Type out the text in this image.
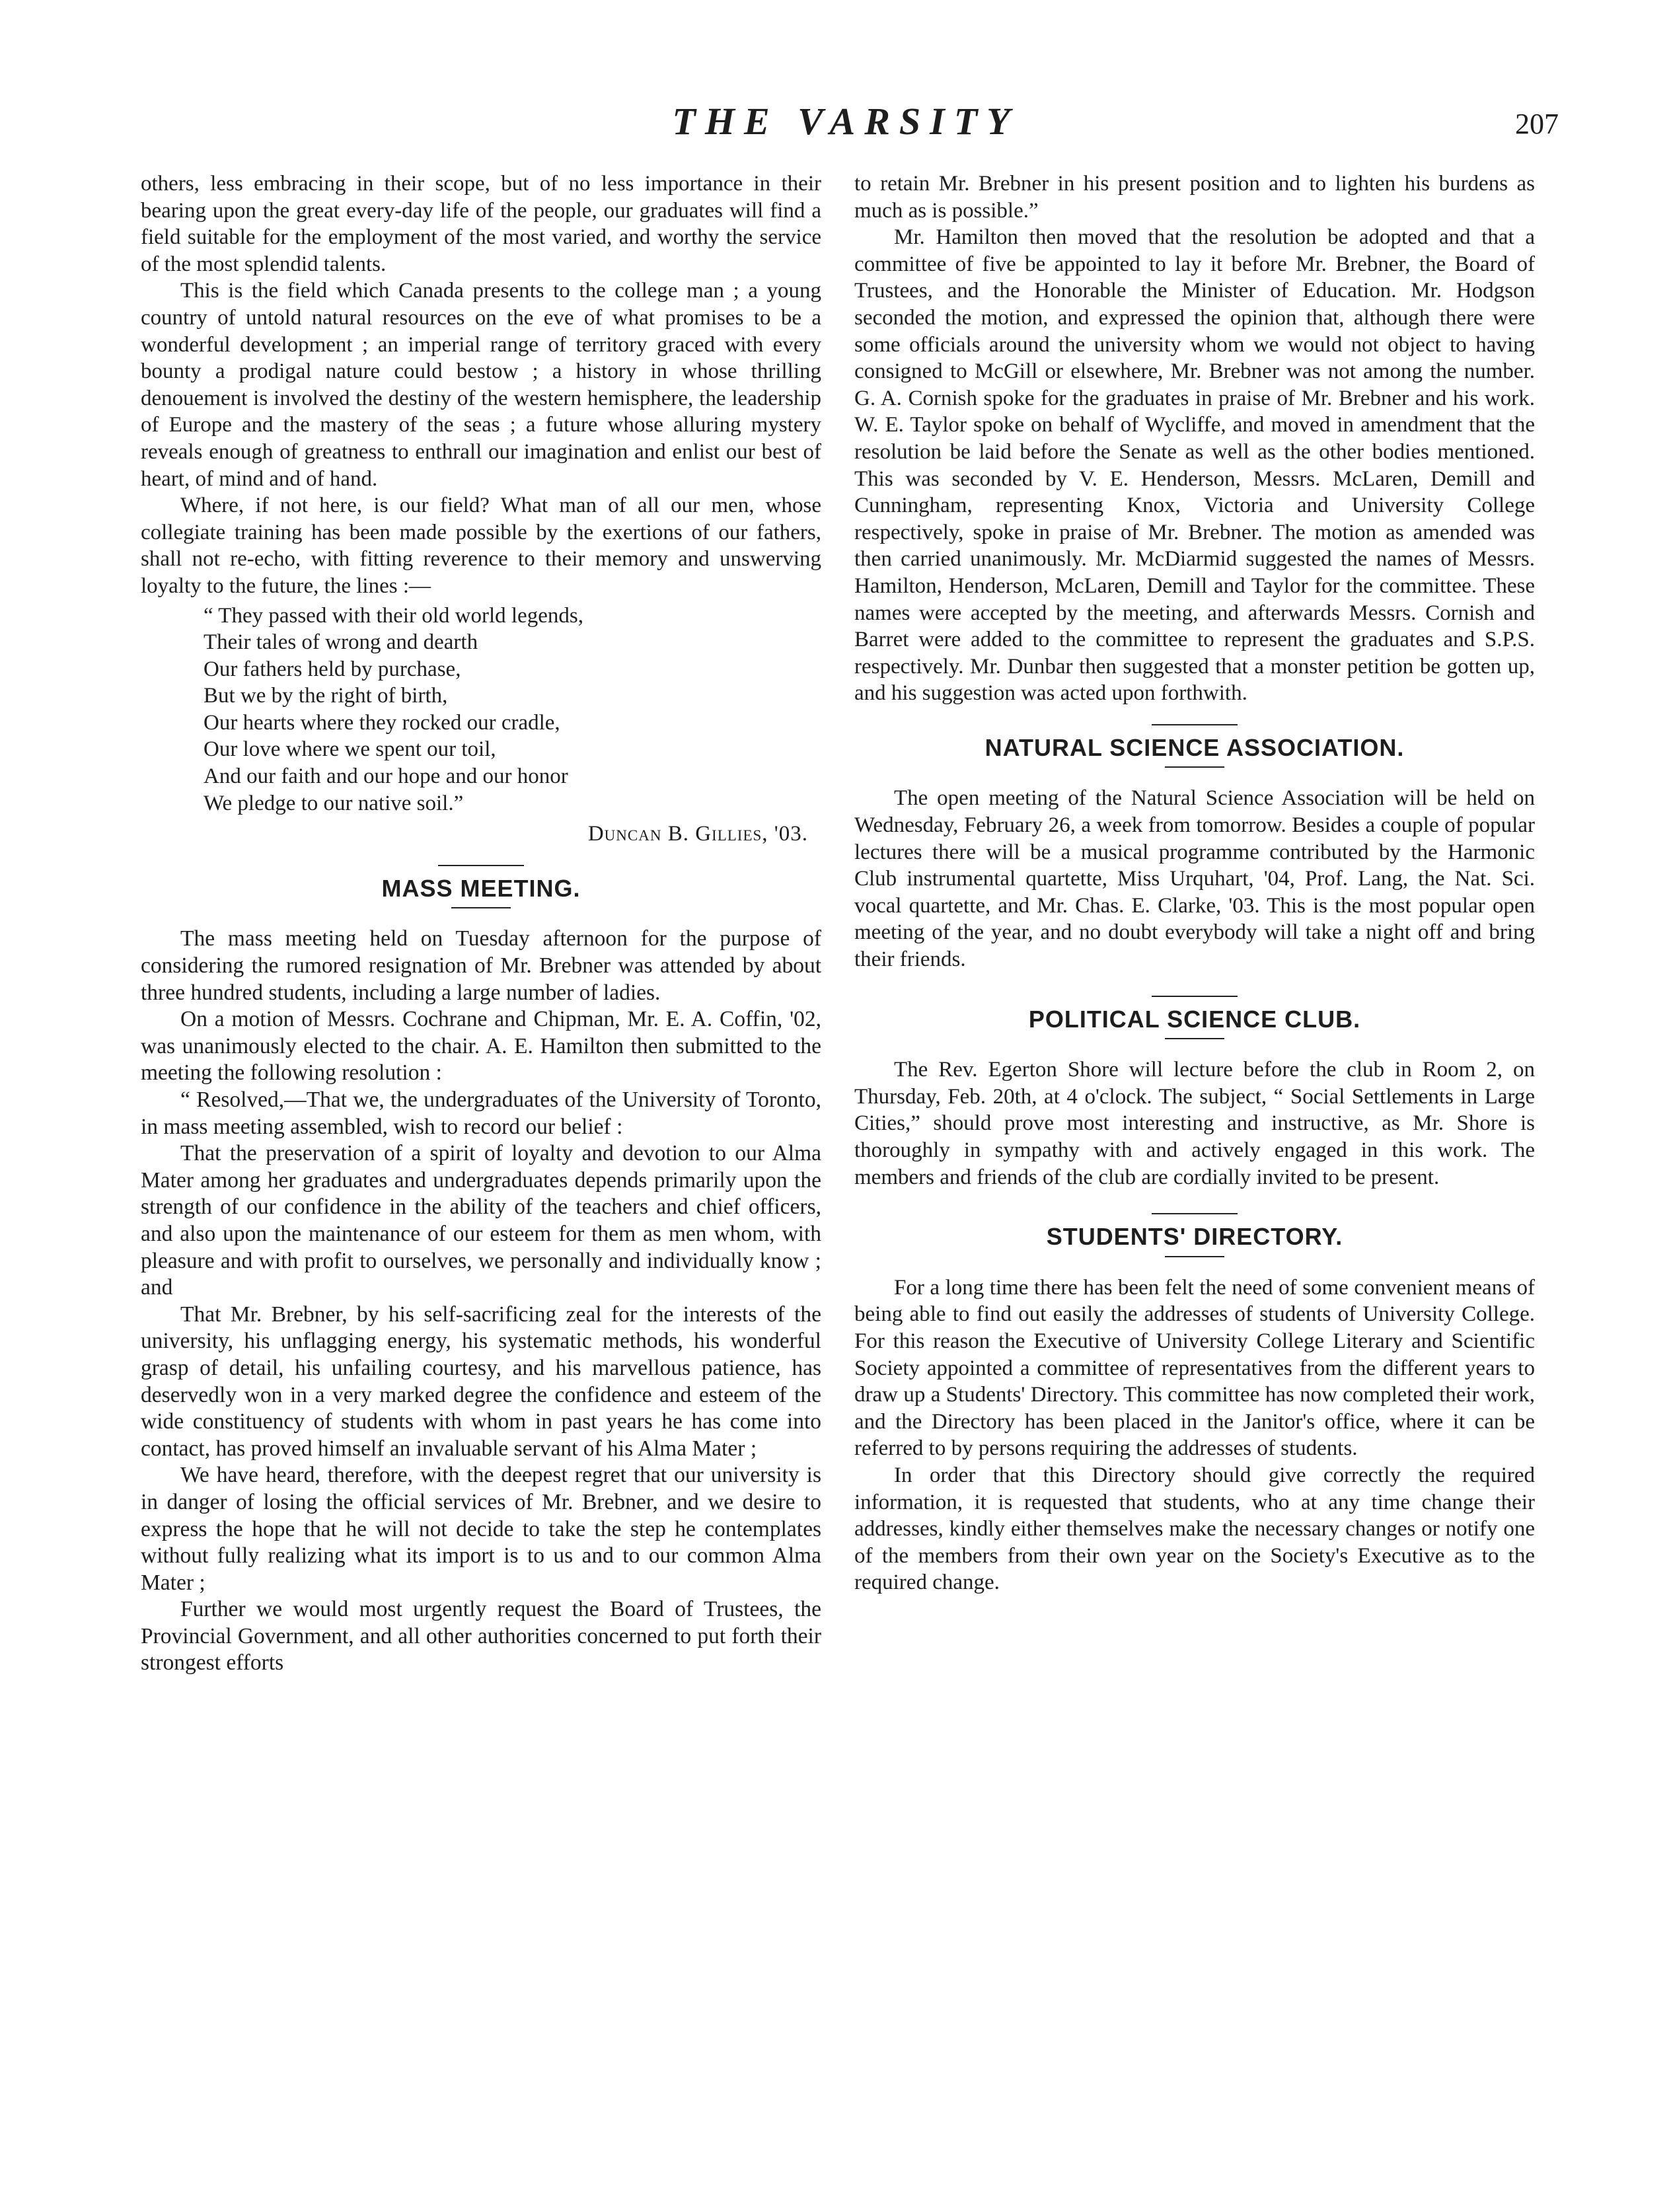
THE VARSITY	207

others, less embracing in their scope, but of no less importance in their bearing upon the great every-day life of the people, our graduates will find a field suitable for the employment of the most varied, and worthy the service of the most splendid talents.

This is the field which Canada presents to the college man ; a young country of untold natural resources on the eve of what promises to be a wonderful development ; an imperial range of territory graced with every bounty a prodigal nature could bestow ; a history in whose thrilling denouement is involved the destiny of the western hemisphere, the leadership of Europe and the mastery of the seas ; a future whose alluring mystery reveals enough of greatness to enthrall our imagination and enlist our best of heart, of mind and of hand.

Where, if not here, is our field? What man of all our men, whose collegiate training has been made possible by the exertions of our fathers, shall not re-echo, with fitting reverence to their memory and unswerving loyalty to the future, the lines :—

“ They passed with their old world legends,
Their tales of wrong and dearth
Our fathers held by purchase,
But we by the right of birth,
Our hearts where they rocked our cradle,
Our love where we spent our toil,
And our faith and our hope and our honor
We pledge to our native soil.”
Duncan B. Gillies, '03.
MASS MEETING.

The mass meeting held on Tuesday afternoon for the purpose of considering the rumored resignation of Mr. Brebner was attended by about three hundred students, including a large number of ladies.

On a motion of Messrs. Cochrane and Chipman, Mr. E. A. Coffin, '02, was unanimously elected to the chair. A. E. Hamilton then submitted to the meeting the following resolution :

“ Resolved,—That we, the undergraduates of the University of Toronto, in mass meeting assembled, wish to record our belief :

That the preservation of a spirit of loyalty and devotion to our Alma Mater among her graduates and undergraduates depends primarily upon the strength of our confidence in the ability of the teachers and chief officers, and also upon the maintenance of our esteem for them as men whom, with pleasure and with profit to ourselves, we personally and individually know ; and

That Mr. Brebner, by his self-sacrificing zeal for the interests of the university, his unflagging energy, his systematic methods, his wonderful grasp of detail, his unfailing courtesy, and his marvellous patience, has deservedly won in a very marked degree the confidence and esteem of the wide constituency of students with whom in past years he has come into contact, has proved himself an invaluable servant of his Alma Mater ;

We have heard, therefore, with the deepest regret that our university is in danger of losing the official services of Mr. Brebner, and we desire to express the hope that he will not decide to take the step he contemplates without fully realizing what its import is to us and to our common Alma Mater ;

Further we would most urgently request the Board of Trustees, the Provincial Government, and all other authorities concerned to put forth their strongest efforts

to retain Mr. Brebner in his present position and to lighten his burdens as much as is possible.”

Mr. Hamilton then moved that the resolution be adopted and that a committee of five be appointed to lay it before Mr. Brebner, the Board of Trustees, and the Honorable the Minister of Education. Mr. Hodgson seconded the motion, and expressed the opinion that, although there were some officials around the university whom we would not object to having consigned to McGill or elsewhere, Mr. Brebner was not among the number. G. A. Cornish spoke for the graduates in praise of Mr. Brebner and his work. W. E. Taylor spoke on behalf of Wycliffe, and moved in amendment that the resolution be laid before the Senate as well as the other bodies mentioned. This was seconded by V. E. Henderson, Messrs. McLaren, Demill and Cunningham, representing Knox, Victoria and University College respectively, spoke in praise of Mr. Brebner. The motion as amended was then carried unanimously. Mr. McDiarmid suggested the names of Messrs. Hamilton, Henderson, McLaren, Demill and Taylor for the committee. These names were accepted by the meeting, and afterwards Messrs. Cornish and Barret were added to the committee to represent the graduates and S.P.S. respectively. Mr. Dunbar then suggested that a monster petition be gotten up, and his suggestion was acted upon forthwith.

NATURAL SCIENCE ASSOCIATION.

The open meeting of the Natural Science Association will be held on Wednesday, February 26, a week from tomorrow. Besides a couple of popular lectures there will be a musical programme contributed by the Harmonic Club instrumental quartette, Miss Urquhart, '04, Prof. Lang, the Nat. Sci. vocal quartette, and Mr. Chas. E. Clarke, '03. This is the most popular open meeting of the year, and no doubt everybody will take a night off and bring their friends.

POLITICAL SCIENCE CLUB.

The Rev. Egerton Shore will lecture before the club in Room 2, on Thursday, Feb. 20th, at 4 o'clock. The subject, “ Social Settlements in Large Cities,” should prove most interesting and instructive, as Mr. Shore is thoroughly in sympathy with and actively engaged in this work. The members and friends of the club are cordially invited to be present.

STUDENTS' DIRECTORY.

For a long time there has been felt the need of some convenient means of being able to find out easily the addresses of students of University College. For this reason the Executive of University College Literary and Scientific Society appointed a committee of representatives from the different years to draw up a Students' Directory. This committee has now completed their work, and the Directory has been placed in the Janitor's office, where it can be referred to by persons requiring the addresses of students.

In order that this Directory should give correctly the required information, it is requested that students, who at any time change their addresses, kindly either themselves make the necessary changes or notify one of the members from their own year on the Society's Executive as to the required change.
